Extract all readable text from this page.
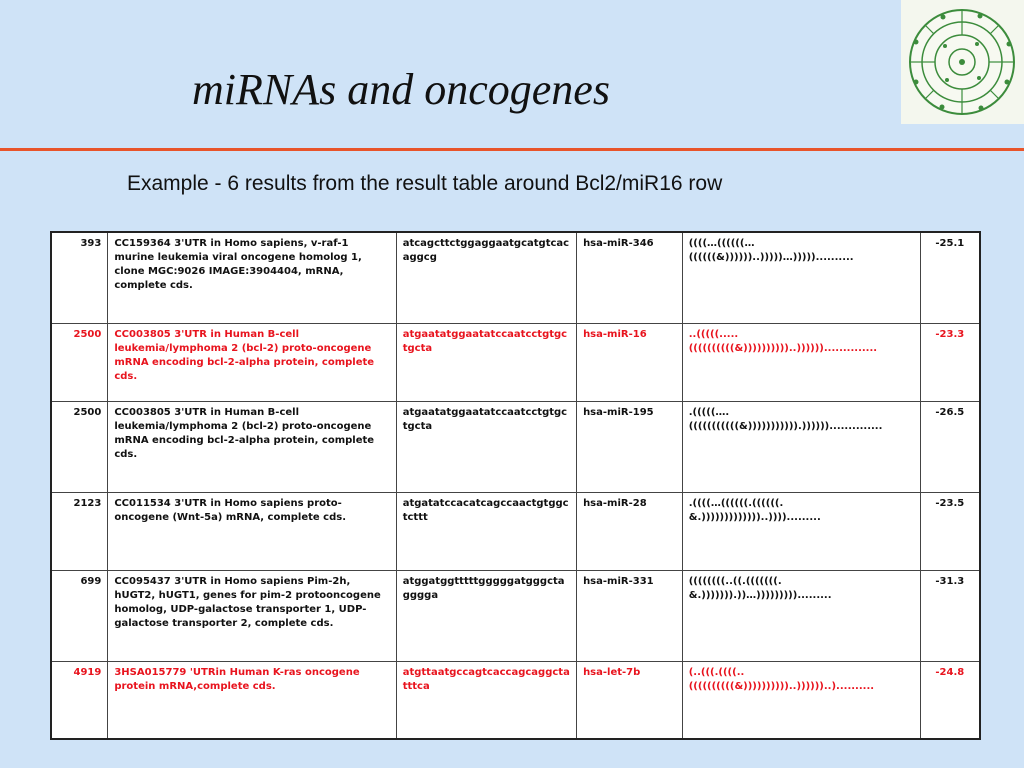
miRNAs and oncogenes
Example - 6 results from the result table around Bcl2/miR16 row
393	CC159364 3'UTR in Homo sapiens, v-raf-1 murine leukemia viral oncogene homolog 1, clone MGC:9026 IMAGE:3904404, mRNA, complete cds.	atcagcttctggaggaatgcatgtcacaggcg	hsa-miR-346	((((…((((((…((((((&))))))..)))))…)))))..........	-25.1
2500	CC003805 3'UTR in Human B-cell leukemia/lymphoma 2 (bcl-2) proto-oncogene mRNA encoding bcl-2-alpha protein, complete cds.	atgaatatggaatatccaatcctgtgctgcta	hsa-miR-16	..(((((.....((((((((((&))))))))))..))))))..............	-23.3
2500	CC003805 3'UTR in Human B-cell leukemia/lymphoma 2 (bcl-2) proto-oncogene mRNA encoding bcl-2-alpha protein, complete cds.	atgaatatggaatatccaatcctgtgctgcta	hsa-miR-195	.(((((….(((((((((((&))))))))))).))))))..............	-26.5
2123	CC011534 3'UTR in Homo sapiens proto-oncogene (Wnt-5a) mRNA, complete cds.	atgatatccacatcagccaactgtggctcttt	hsa-miR-28	.((((…((((((.((((((.&.)))))))))))))..)))).........	-23.5
699	CC095437 3'UTR in Homo sapiens Pim-2h, hUGT2, hUGT1, genes for pim-2 protooncogene homolog, UDP-galactose transporter 1, UDP-galactose transporter 2, complete cds.	atggatggtttttgggggatgggctagggga	hsa-miR-331	((((((((..((.(((((((.&.))))))).))…))))))))).........	-31.3
4919	3HSA015779 'UTRin Human K-ras oncogene protein mRNA,complete cds.	atgttaatgccagtcaccagcaggctatttca	hsa-let-7b	(..(((.((((..((((((((((&))))))))))..))))))..)..........	-24.8
